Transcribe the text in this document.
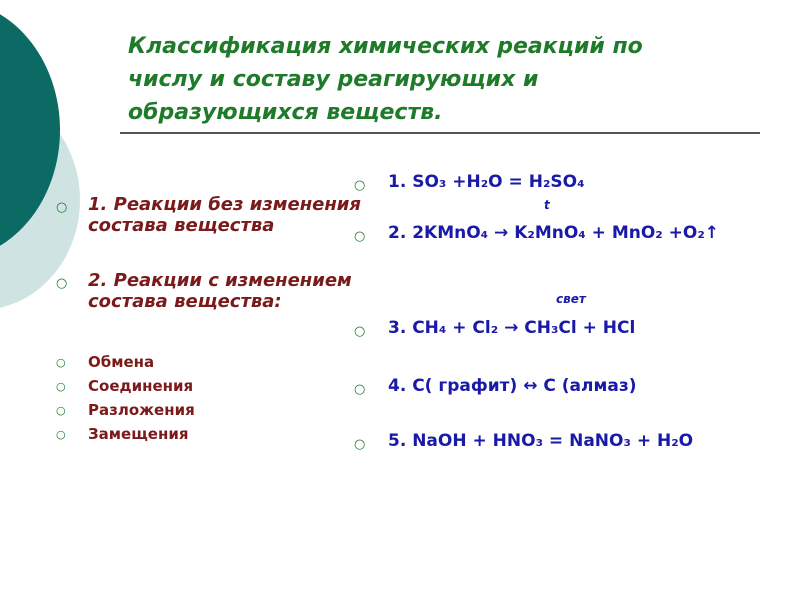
Классификация химических реакций по
числу и составу реагирующих и
образующихся веществ.
○ 1. Реакции без изменения состава вещества
○ 2. Реакции с изменением состава вещества:
○ Обмена
○ Соединения
○ Разложения
○ Замещения
○	1. SO₃ +H₂O = H₂SO₄
t
○	2. 2KMnO₄ → K₂MnO₄ + MnO₂ +O₂↑
свет
○	3. CH₄ + Cl₂ → CH₃Cl + HCl
○	4. С( графит) ↔ С (алмаз)
○	5. NaOH + HNO₃ = NaNO₃ + H₂O
